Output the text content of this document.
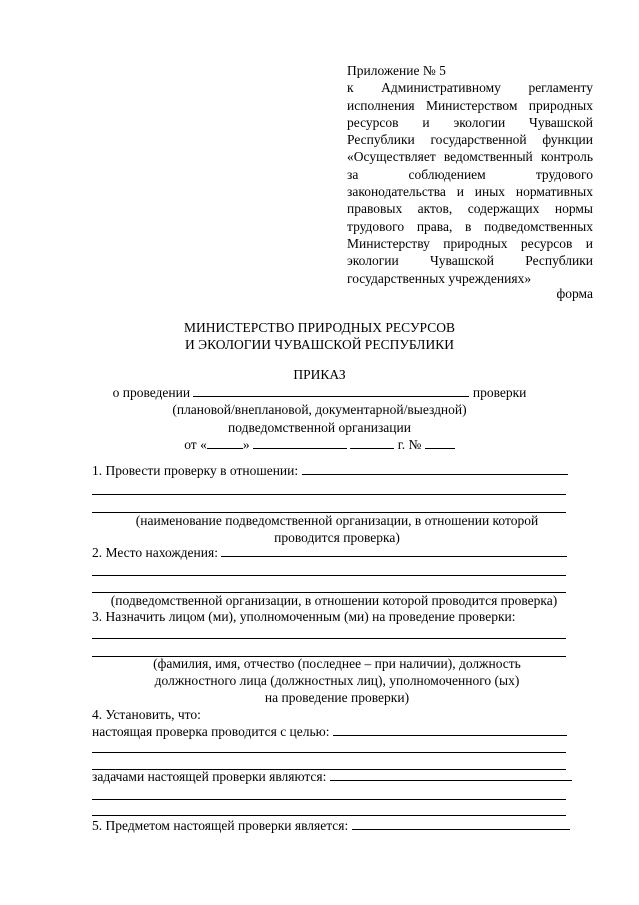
Приложение № 5
к Административному регламенту исполнения Министерством природных ресурсов и экологии Чувашской Республики государственной функции «Осуществляет ведомственный контроль за соблюдением трудового законодательства и иных нормативных правовых актов, содержащих нормы трудового права, в подведомственных Министерству природных ресурсов и экологии Чувашской Республики государственных учреждениях»
форма
МИНИСТЕРСТВО ПРИРОДНЫХ РЕСУРСОВ
И ЭКОЛОГИИ ЧУВАШСКОЙ РЕСПУБЛИКИ
ПРИКАЗ
о проведении	проверки
(плановой/внеплановой, документарной/выездной)
подведомственной организации
от «	»	г. №
1. Провести проверку в отношении:
(наименование подведомственной организации, в отношении которой
проводится проверка)
2. Место нахождения:
(подведомственной организации, в отношении которой проводится проверка)
3. Назначить лицом (ми), уполномоченным (ми) на проведение проверки:
(фамилия, имя, отчество (последнее – при наличии), должность
должностного лица (должностных лиц), уполномоченного (ых)
на проведение проверки)
4. Установить, что:
настоящая проверка проводится с целью:
задачами настоящей проверки являются:
5. Предметом настоящей проверки является:
